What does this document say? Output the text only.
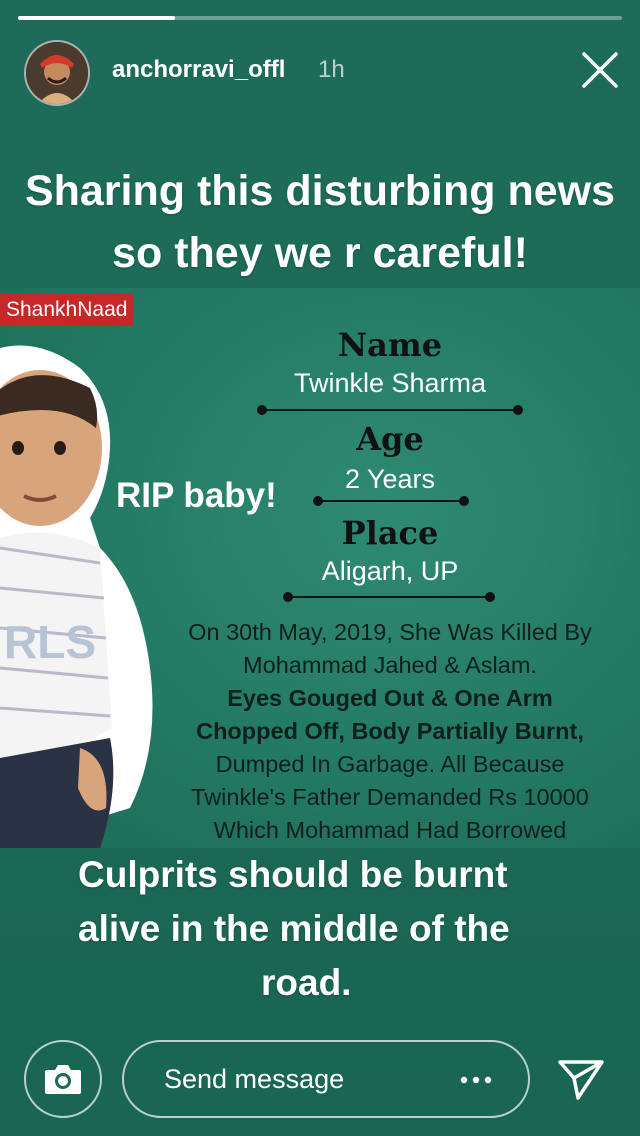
anchorravi_offl 1h
Sharing this disturbing news so they we r careful!
ShankhNaad
RLS
Name
Twinkle Sharma
Age
2 Years
Place
Aligarh, UP
RIP baby!
On 30th May, 2019, She Was Killed By
Mohammad Jahed & Aslam.
Eyes Gouged Out & One Arm
Chopped Off, Body Partially Burnt,
Dumped In Garbage. All Because
Twinkle's Father Demanded Rs 10000
Which Mohammad Had Borrowed
Culprits should be burnt
alive in the middle of the
road.
Send message
